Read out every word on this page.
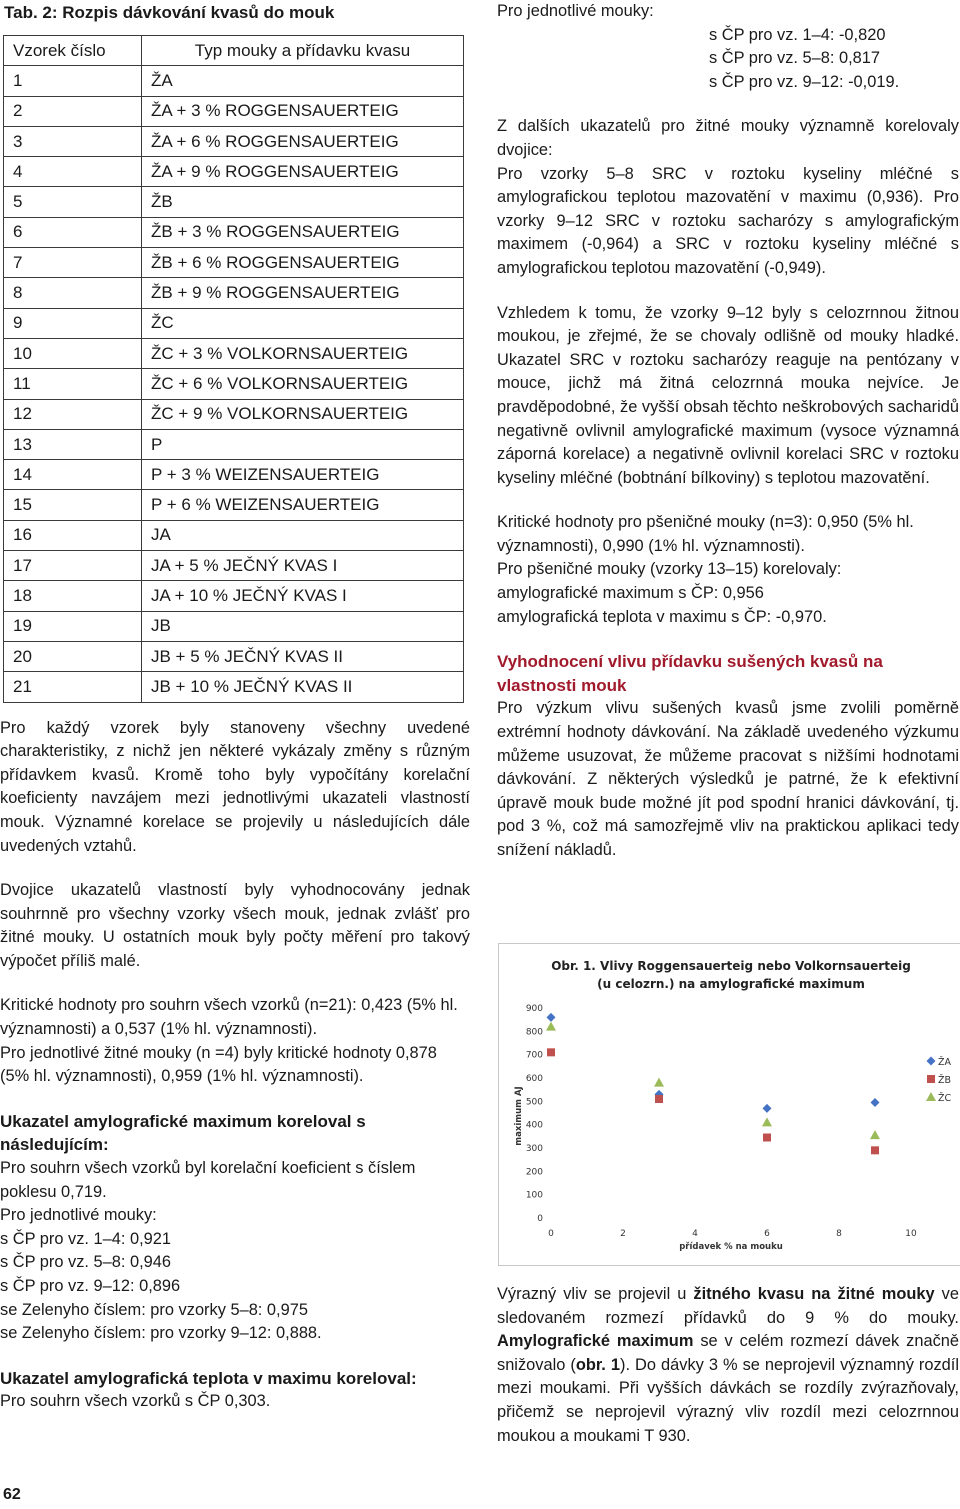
Tab. 2: Rozpis dávkování kvasů do mouk
Vzorek číslo	Typ mouky a přídavku kvasu
1	ŽA
2	ŽA + 3 % ROGGENSAUERTEIG
3	ŽA + 6 % ROGGENSAUERTEIG
4	ŽA + 9 % ROGGENSAUERTEIG
5	ŽB
6	ŽB + 3 % ROGGENSAUERTEIG
7	ŽB + 6 % ROGGENSAUERTEIG
8	ŽB + 9 % ROGGENSAUERTEIG
9	ŽC
10	ŽC + 3 % VOLKORNSAUERTEIG
11	ŽC + 6 % VOLKORNSAUERTEIG
12	ŽC + 9 % VOLKORNSAUERTEIG
13	P
14	P + 3 % WEIZENSAUERTEIG
15	P + 6 % WEIZENSAUERTEIG
16	JA
17	JA + 5 % JEČNÝ KVAS I
18	JA + 10 % JEČNÝ KVAS I
19	JB
20	JB + 5 % JEČNÝ KVAS II
21	JB + 10 % JEČNÝ KVAS II

Pro každý vzorek byly stanoveny všechny uvedené charakteristiky, z nichž jen některé vykázaly změny s různým přídavkem kvasů. Kromě toho byly vypočítány korelační koeficienty navzájem mezi jednotlivými ukazateli vlastností mouk. Významné korelace se projevily u následujících dále uvedených vztahů.

Dvojice ukazatelů vlastností byly vyhodnocovány jednak souhrnně pro všechny vzorky všech mouk, jednak zvlášť pro žitné mouky. U ostatních mouk byly počty měření pro takový výpočet příliš malé.

Kritické hodnoty pro souhrn všech vzorků (n=21): 0,423 (5% hl. významnosti) a 0,537 (1% hl. významnosti).

Pro jednotlivé žitné mouky (n =4) byly kritické hodnoty 0,878 (5% hl. významnosti), 0,959 (1% hl. významnosti).

Ukazatel amylografické maximum koreloval s následujícím:

Pro souhrn všech vzorků byl korelační koeficient s číslem poklesu 0,719.

Pro jednotlivé mouky:

s ČP pro vz. 1–4: 0,921

s ČP pro vz. 5–8: 0,946

s ČP pro vz. 9–12: 0,896

se Zelenyho číslem: pro vzorky 5–8: 0,975

se Zelenyho číslem: pro vzorky 9–12: 0,888.

Ukazatel amylografická teplota v maximu koreloval:

Pro souhrn všech vzorků s ČP 0,303.

62

Pro jednotlivé mouky:

s ČP pro vz. 1–4: -0,820

s ČP pro vz. 5–8: 0,817

s ČP pro vz. 9–12: -0,019.

Z dalších ukazatelů pro žitné mouky významně korelovaly dvojice:

Pro vzorky 5–8 SRC v roztoku kyseliny mléčné s amylografickou teplotou mazovatění v maximu (0,936). Pro vzorky 9–12 SRC v roztoku sacharózy s amylografickým maximem (-0,964) a SRC v roztoku kyseliny mléčné s amylografickou teplotou mazovatění (-0,949).

Vzhledem k tomu, že vzorky 9–12 byly s celozrnnou žitnou moukou, je zřejmé, že se chovaly odlišně od mouky hladké. Ukazatel SRC v roztoku sacharózy reaguje na pentózany v mouce, jichž má žitná celozrnná mouka nejvíce. Je pravděpodobné, že vyšší obsah těchto neškrobových sacharidů negativně ovlivnil amylografické maximum (vysoce významná záporná korelace) a negativně ovlivnil korelaci SRC v roztoku kyseliny mléčné (bobtnání bílkoviny) s teplotou mazovatění.

Kritické hodnoty pro pšeničné mouky (n=3): 0,950 (5% hl. významnosti), 0,990 (1% hl. významnosti).

Pro pšeničné mouky (vzorky 13–15) korelovaly:

amylografické maximum s ČP: 0,956

amylografická teplota v maximu s ČP: -0,970.

Vyhodnocení vlivu přídavku sušených kvasů na vlastnosti mouk

Pro výzkum vlivu sušených kvasů jsme zvolili poměrně extrémní hodnoty dávkování. Na základě uvedeného výzkumu můžeme usuzovat, že můžeme pracovat s nižšími hodnotami dávkování. Z některých výsledků je patrné, že k efektivní úpravě mouk bude možné jít pod spodní hranici dávkování, tj. pod 3 %, což má samozřejmě vliv na praktickou aplikaci tedy snížení nákladů.

Obr. 1. Vlivy Roggensauerteig nebo Volkornsauerteig
(u celozrn.) na amylografické maximum
maximum AJ
přídavek % na mouku
0
100
200
300
400
500
600
700
800
900
0	2	4	6	8	10
ŽA
ŽB
ŽC

Výrazný vliv se projevil u žitného kvasu na žitné mouky ve sledovaném rozmezí přídavků do 9 % do mouky. Amylografické maximum se v celém rozmezí dávek značně snižovalo (obr. 1). Do dávky 3 % se neprojevil významný rozdíl mezi moukami. Při vyšších dávkách se rozdíly zvýrazňovaly, přičemž se neprojevil výrazný vliv rozdíl mezi celozrnnou moukou a moukami T 930.
